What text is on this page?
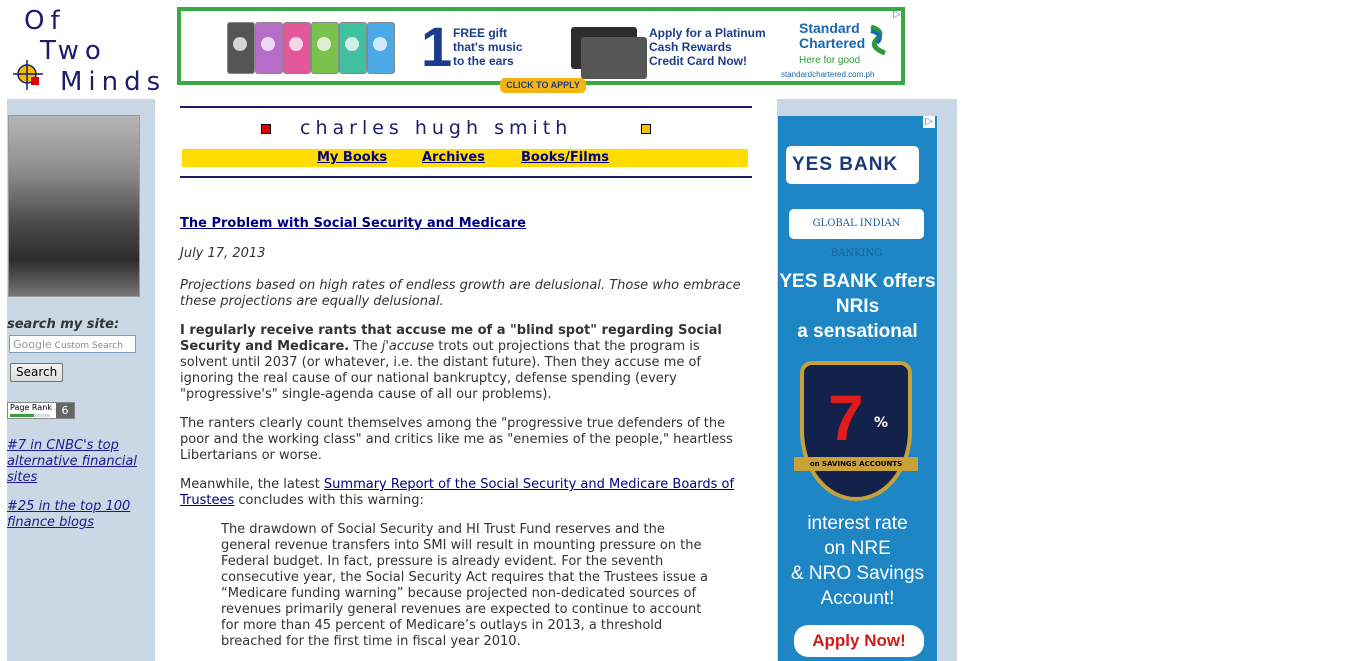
Of
Two
Minds
1 FREE gift
that's music
to the ears
Apply for a Platinum
Cash Rewards
Credit Card Now!
Standard
Chartered
Here for good
standardchartered.com.ph
▷
CLICK TO APPLY
search my site:
Google Custom Search
Search
Page Rank 6
#7 in CNBC's top alternative financial sites
#25 in the top 100 finance blogs
charles hugh smith
My Books	Archives	Books/Films
The Problem with Social Security and Medicare
July 17, 2013
Projections based on high rates of endless growth are delusional. Those who embrace these projections are equally delusional.
I regularly receive rants that accuse me of a "blind spot" regarding Social Security and Medicare. The j'accuse trots out projections that the program is solvent until 2037 (or whatever, i.e. the distant future). Then they accuse me of ignoring the real cause of our national bankruptcy, defense spending (every "progressive's" single-agenda cause of all our problems).
The ranters clearly count themselves among the "progressive true defenders of the poor and the working class" and critics like me as "enemies of the people," heartless Libertarians or worse.
Meanwhile, the latest Summary Report of the Social Security and Medicare Boards of Trustees concludes with this warning:
The drawdown of Social Security and HI Trust Fund reserves and the general revenue transfers into SMI will result in mounting pressure on the Federal budget. In fact, pressure is already evident. For the seventh consecutive year, the Social Security Act requires that the Trustees issue a “Medicare funding warning” because projected non-dedicated sources of revenues primarily general revenues are expected to continue to account for more than 45 percent of Medicare’s outlays in 2013, a threshold breached for the first time in fiscal year 2010.
YES BANK
GLOBAL INDIAN BANKING
YES BANK offers
NRIs
a sensational
7 %
on SAVINGS ACCOUNTS
interest rate
on NRE
& NRO Savings
Account!
Apply Now!
▷
